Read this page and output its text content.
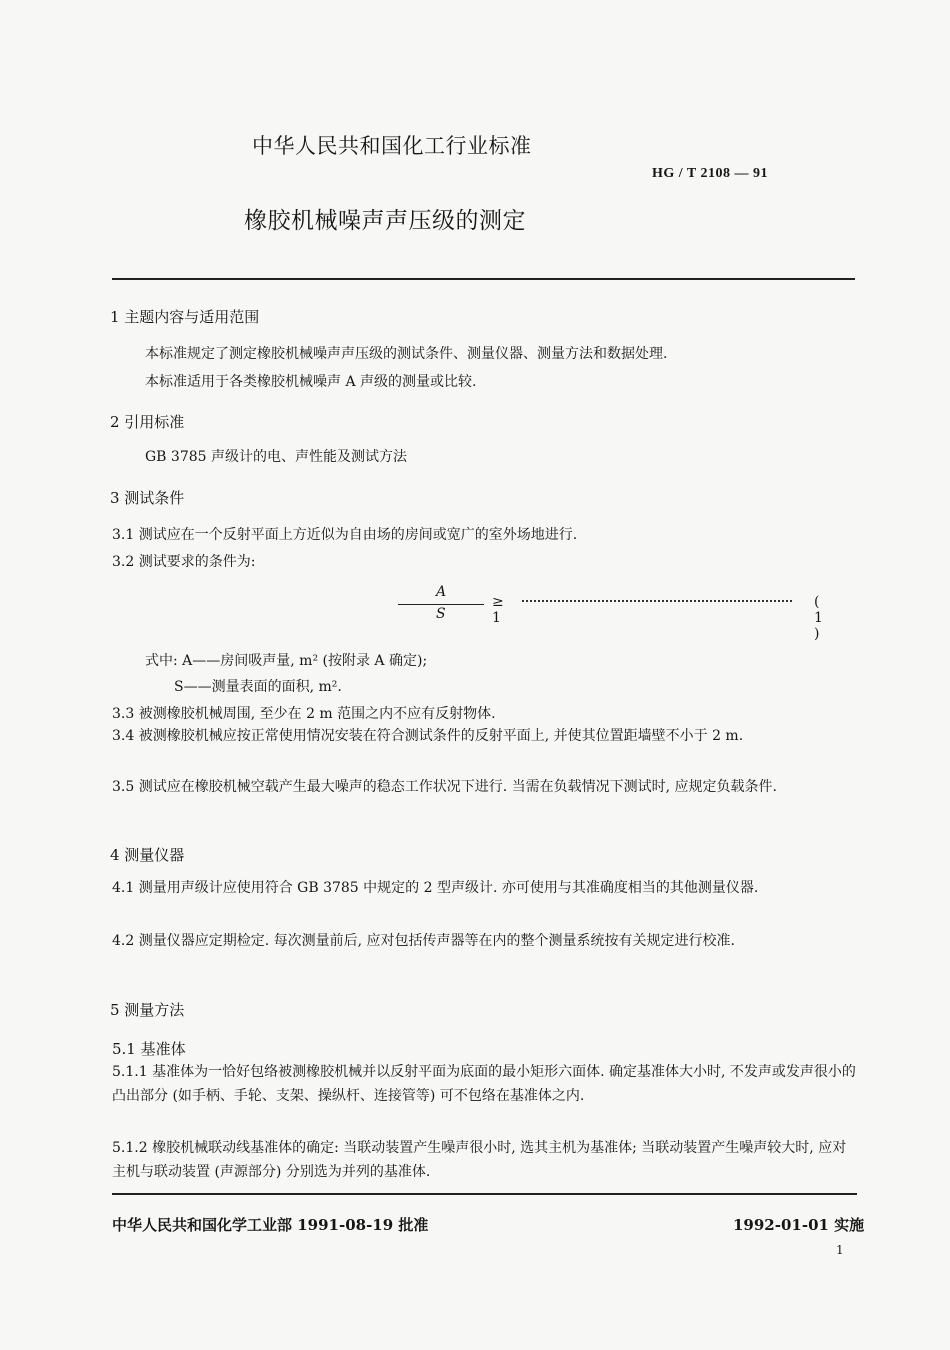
中华人民共和国化工行业标准
HG / T 2108 — 91
橡胶机械噪声声压级的测定
1 主题内容与适用范围
本标准规定了测定橡胶机械噪声声压级的测试条件、测量仪器、测量方法和数据处理.
本标准适用于各类橡胶机械噪声 A 声级的测量或比较.
2 引用标准
GB 3785 声级计的电、声性能及测试方法
3 测试条件
3.1 测试应在一个反射平面上方近似为自由场的房间或宽广的室外场地进行.
3.2 测试要求的条件为:
A
S
≥ 1
( 1 )
式中: A——房间吸声量, m² (按附录 A 确定);
S——测量表面的面积, m².
3.3 被测橡胶机械周围, 至少在 2 m 范围之内不应有反射物体.
3.4 被测橡胶机械应按正常使用情况安装在符合测试条件的反射平面上, 并使其位置距墙壁不小于 2 m.
3.5 测试应在橡胶机械空载产生最大噪声的稳态工作状况下进行. 当需在负载情况下测试时, 应规定负载条件.
4 测量仪器
4.1 测量用声级计应使用符合 GB 3785 中规定的 2 型声级计. 亦可使用与其准确度相当的其他测量仪器.
4.2 测量仪器应定期检定. 每次测量前后, 应对包括传声器等在内的整个测量系统按有关规定进行校准.
5 测量方法
5.1 基准体
5.1.1 基准体为一恰好包络被测橡胶机械并以反射平面为底面的最小矩形六面体. 确定基准体大小时, 不发声或发声很小的凸出部分 (如手柄、手轮、支架、操纵杆、连接管等) 可不包络在基准体之内.
5.1.2 橡胶机械联动线基准体的确定: 当联动装置产生噪声很小时, 选其主机为基准体; 当联动装置产生噪声较大时, 应对主机与联动装置 (声源部分) 分别选为并列的基准体.
中华人民共和国化学工业部 1991-08-19 批准	1992-01-01 实施
1
